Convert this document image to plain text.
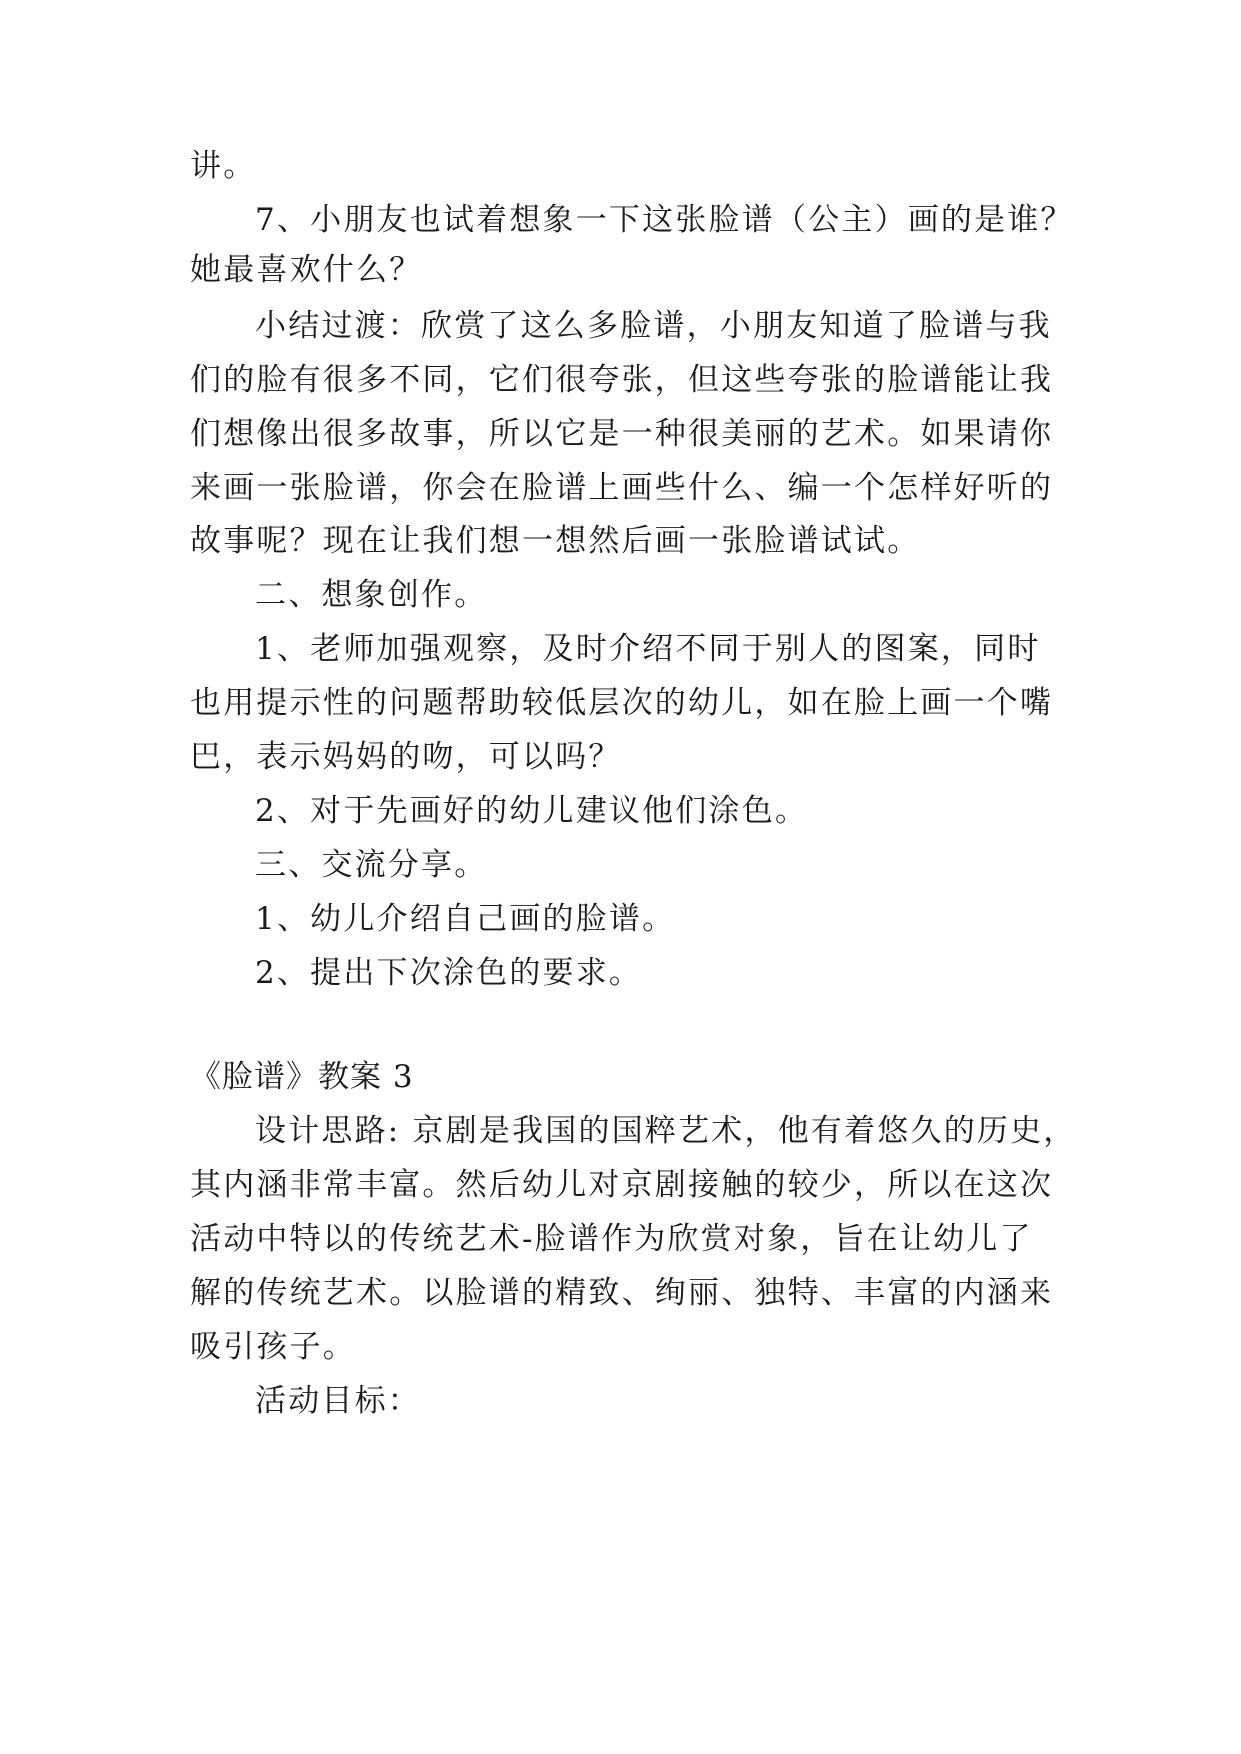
讲。
7、小朋友也试着想象一下这张脸谱（公主）画的是谁？
她最喜欢什么？
小结过渡：欣赏了这么多脸谱，小朋友知道了脸谱与我
们的脸有很多不同，它们很夸张，但这些夸张的脸谱能让我
们想像出很多故事，所以它是一种很美丽的艺术。如果请你
来画一张脸谱，你会在脸谱上画些什么、编一个怎样好听的
故事呢？现在让我们想一想然后画一张脸谱试试。
二、想象创作。
1、老师加强观察，及时介绍不同于别人的图案，同时
也用提示性的问题帮助较低层次的幼儿，如在脸上画一个嘴
巴，表示妈妈的吻，可以吗？
2、对于先画好的幼儿建议他们涂色。
三、交流分享。
1、幼儿介绍自己画的脸谱。
2、提出下次涂色的要求。
《脸谱》教案 3
设计思路: 京剧是我国的国粹艺术，他有着悠久的历史，
其内涵非常丰富。然后幼儿对京剧接触的较少，所以在这次
活动中特以的传统艺术-脸谱作为欣赏对象，旨在让幼儿了
解的传统艺术。以脸谱的精致、绚丽、独特、丰富的内涵来
吸引孩子。
活动目标：
